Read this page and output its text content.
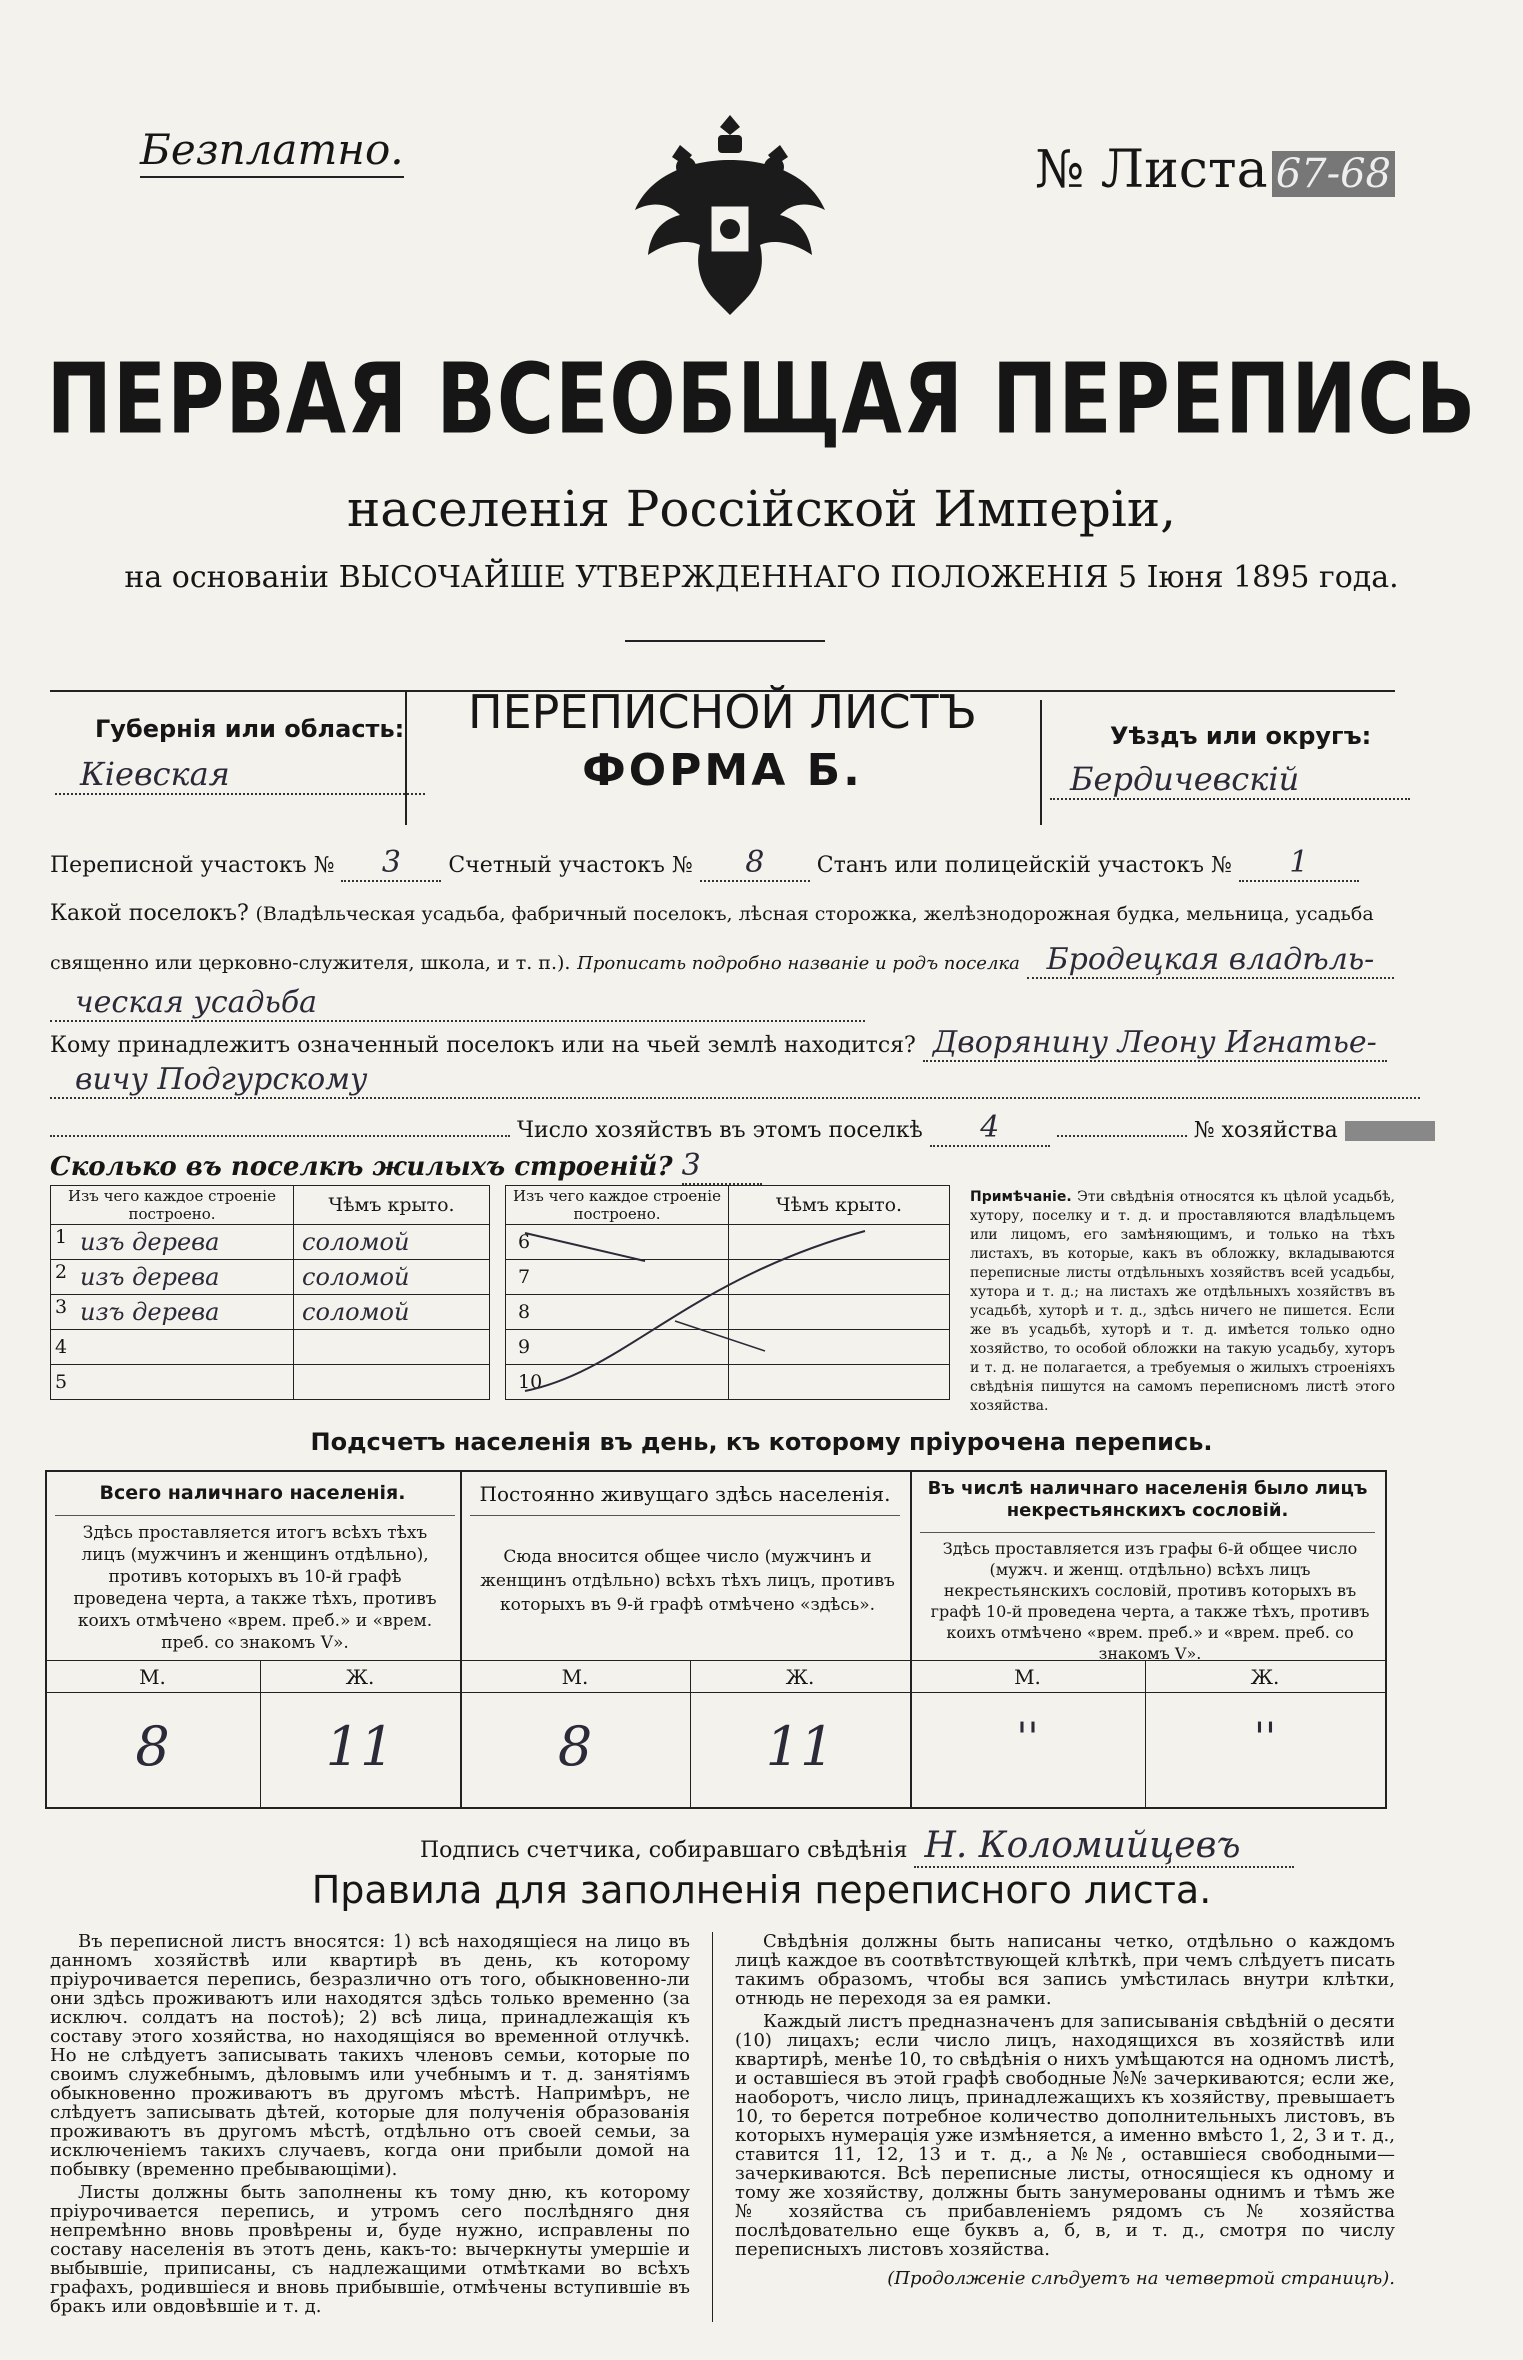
Безплатно.	№ Листа 67-68
ПЕРВАЯ ВСЕОБЩАЯ ПЕРЕПИСЬ
населенія Россійской Имперіи,
на основаніи ВЫСОЧАЙШЕ УТВЕРЖДЕННАГО ПОЛОЖЕНІЯ 5 Іюня 1895 года.
Губернія или область:
Кіевская
ПЕРЕПИСНОЙ ЛИСТЪ
ФОРМА Б.
Уѣздъ или округъ:
Бердичевскій
Переписной участокъ № 3 Счетный участокъ № 8 Станъ или полицейскій участокъ № 1
Какой поселокъ? (Владѣльческая усадьба, фабричный поселокъ, лѣсная сторожка, желѣзнодорожная будка, мельница, усадьба священно или церковно-служителя, школа, и т. п.). Прописать подробно названіе и родъ поселка Бродецкая владѣль-
ческая усадьба
Кому принадлежитъ означенный поселокъ или на чьей землѣ находится? Дворянину Леону Игнатье-
вичу Подгурскому
Число хозяйствъ въ этомъ поселкѣ 4	№ хозяйства
Сколько въ поселкѣ жилыхъ строеній? 3
Изъ чего каждое строеніе построено.	Чѣмъ крыто.

1 изъ дерева	соломой

2 изъ дерева	соломой

3 изъ дерева	соломой
4	
5	
Изъ чего каждое строеніе построено.	Чѣмъ крыто.
6	
7	
8	
9	
10	
Примѣчаніе. Эти свѣдѣнія относятся къ цѣлой усадьбѣ, хутору, поселку и т. д. и проставляются владѣльцемъ или лицомъ, его замѣняющимъ, и только на тѣхъ листахъ, въ которые, какъ въ обложку, вкладываются переписные листы отдѣльныхъ хозяйствъ всей усадьбы, хутора и т. д.; на листахъ же отдѣльныхъ хозяйствъ въ усадьбѣ, хуторѣ и т. д., здѣсь ничего не пишется. Если же въ усадьбѣ, хуторѣ и т. д. имѣется только одно хозяйство, то особой обложки на такую усадьбу, хуторъ и т. д. не полагается, а требуемыя о жилыхъ строеніяхъ свѣдѣнія пишутся на самомъ переписномъ листѣ этого хозяйства.
Подсчетъ населенія въ день, къ которому пріурочена перепись.
Всего наличнаго населенія.
Здѣсь проставляется итогъ всѣхъ тѣхъ лицъ (мужчинъ и женщинъ отдѣльно), противъ которыхъ въ 10-й графѣ проведена черта, а также тѣхъ, противъ коихъ отмѣчено «врем. преб.» и «врем. преб. со знакомъ V».
Постоянно живущаго здѣсь населенія.
Сюда вносится общее число (мужчинъ и женщинъ отдѣльно) всѣхъ тѣхъ лицъ, противъ которыхъ въ 9-й графѣ отмѣчено «здѣсь».
Въ числѣ наличнаго населенія было лицъ некрестьянскихъ сословій.
Здѣсь проставляется изъ графы 6-й общее число (мужч. и женщ. отдѣльно) всѣхъ лицъ некрестьянскихъ сословій, противъ которыхъ въ графѣ 10-й проведена черта, а также тѣхъ, противъ коихъ отмѣчено «врем. преб.» и «врем. преб. со знакомъ V».
М.	Ж.	М.	Ж.	М.	Ж.
8	11	8	11	''	''
Подпись счетчика, собиравшаго свѣдѣнія Н. Коломийцевъ
Правила для заполненія переписного листа.

Въ переписной листъ вносятся: 1) всѣ находящіеся на лицо въ данномъ хозяйствѣ или квартирѣ въ день, къ которому пріурочивается перепись, безразлично отъ того, обыкновенно-ли они здѣсь проживаютъ или находятся здѣсь только временно (за исключ. солдатъ на постоѣ); 2) всѣ лица, принадлежащія къ составу этого хозяйства, но находящіяся во временной отлучкѣ. Но не слѣдуетъ записывать такихъ членовъ семьи, которые по своимъ служебнымъ, дѣловымъ или учебнымъ и т. д. занятіямъ обыкновенно проживаютъ въ другомъ мѣстѣ. Напримѣръ, не слѣдуетъ записывать дѣтей, которые для полученія образованія проживаютъ въ другомъ мѣстѣ, отдѣльно отъ своей семьи, за исключеніемъ такихъ случаевъ, когда они прибыли домой на побывку (временно пребывающіми).

Листы должны быть заполнены къ тому дню, къ которому пріурочивается перепись, и утромъ сего послѣдняго дня непремѣнно вновь провѣрены и, буде нужно, исправлены по составу населенія въ этотъ день, какъ-то: вычеркнуты умершіе и выбывшіе, приписаны, съ надлежащими отмѣтками во всѣхъ графахъ, родившіеся и вновь прибывшіе, отмѣчены вступившіе въ бракъ или овдовѣвшіе и т. д.

Свѣдѣнія должны быть написаны четко, отдѣльно о каждомъ лицѣ каждое въ соотвѣтствующей клѣткѣ, при чемъ слѣдуетъ писать такимъ образомъ, чтобы вся запись умѣстилась внутри клѣтки, отнюдь не переходя за ея рамки.

Каждый листъ предназначенъ для записыванія свѣдѣній о десяти (10) лицахъ; если число лицъ, находящихся въ хозяйствѣ или квартирѣ, менѣе 10, то свѣдѣнія о нихъ умѣщаются на одномъ листѣ, и оставшіеся въ этой графѣ свободные №№ зачеркиваются; если же, наоборотъ, число лицъ, принадлежащихъ къ хозяйству, превышаетъ 10, то берется потребное количество дополнительныхъ листовъ, въ которыхъ нумерація уже измѣняется, а именно вмѣсто 1, 2, 3 и т. д., ставится 11, 12, 13 и т. д., а №№, оставшіеся свободными—зачеркиваются. Всѣ переписные листы, относящіеся къ одному и тому же хозяйству, должны быть занумерованы однимъ и тѣмъ же № хозяйства съ прибавленіемъ рядомъ съ № хозяйства послѣдовательно еще буквъ а, б, в, и т. д., смотря по числу переписныхъ листовъ хозяйства.

(Продолженіе слѣдуетъ на четвертой страницѣ).
